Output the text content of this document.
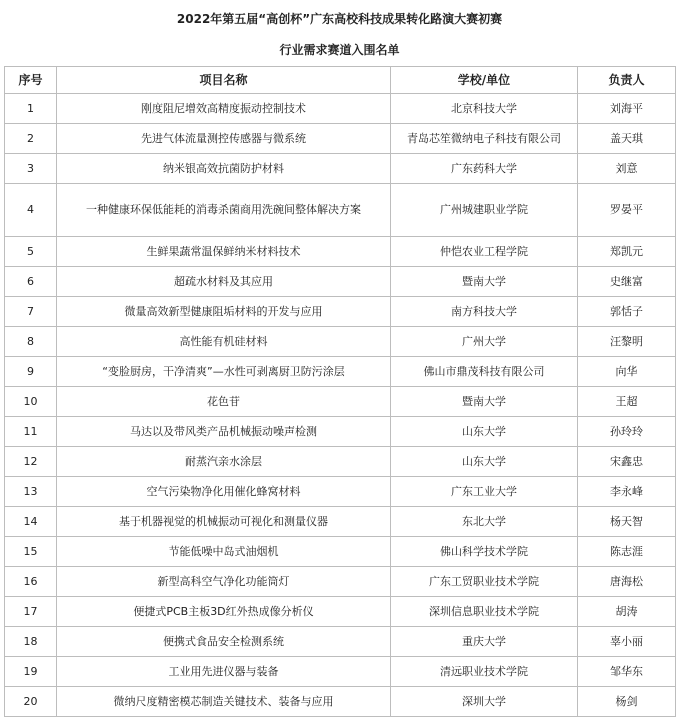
2022年第五届“高创杯”广东高校科技成果转化路演大赛初赛
行业需求赛道入围名单
序号	项目名称	学校/单位	负责人
1	刚度阻尼增效高精度振动控制技术	北京科技大学	刘海平
2	先进气体流量测控传感器与微系统	青岛芯笙微纳电子科技有限公司	盖天琪
3	纳米银高效抗菌防护材料	广东药科大学	刘意
4	一种健康环保低能耗的消毒杀菌商用洗碗间整体解决方案	广州城建职业学院	罗晏平
5	生鲜果蔬常温保鲜纳米材料技术	仲恺农业工程学院	郑凯元
6	超疏水材料及其应用	暨南大学	史继富
7	微量高效新型健康阻垢材料的开发与应用	南方科技大学	郭恬子
8	高性能有机硅材料	广州大学	汪黎明
9	“变脸厨房，干净清爽”—水性可剥离厨卫防污涂层	佛山市鼎茂科技有限公司	向华
10	花色苷	暨南大学	王超
11	马达以及带风类产品机械振动噪声检测	山东大学	孙玲玲
12	耐蒸汽亲水涂层	山东大学	宋鑫忠
13	空气污染物净化用催化蜂窝材料	广东工业大学	李永峰
14	基于机器视觉的机械振动可视化和测量仪器	东北大学	杨天智
15	节能低噪中岛式油烟机	佛山科学技术学院	陈志涯
16	新型高科空气净化功能筒灯	广东工贸职业技术学院	唐海松
17	便捷式PCB主板3D红外热成像分析仪	深圳信息职业技术学院	胡涛
18	便携式食品安全检测系统	重庆大学	辜小丽
19	工业用先进仪器与装备	清远职业技术学院	邹华东
20	微纳尺度精密模芯制造关键技术、装备与应用	深圳大学	杨剑
